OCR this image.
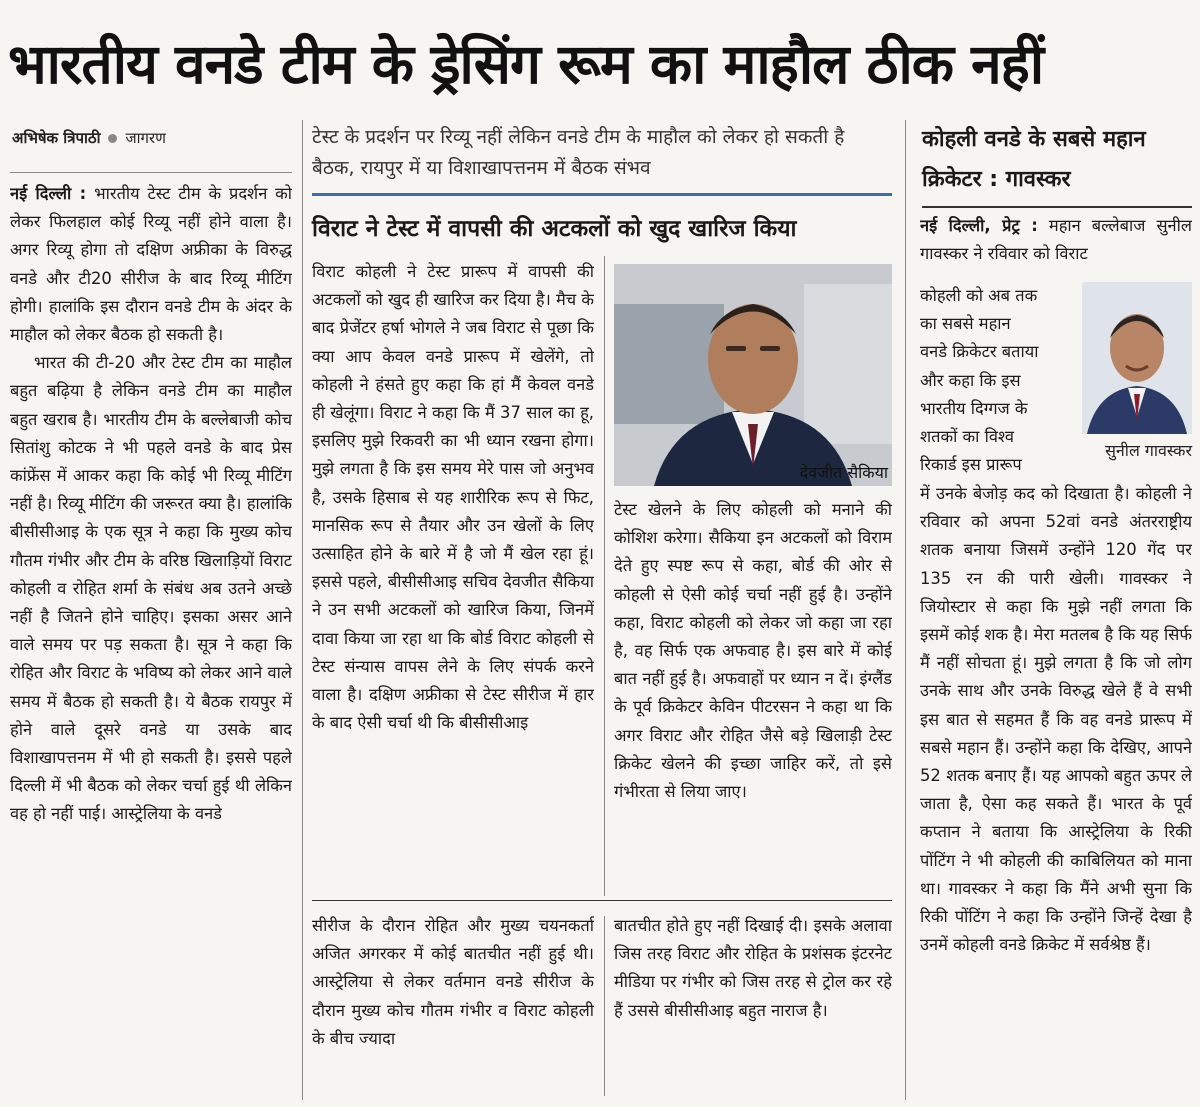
भारतीय वनडे टीम के ड्रेसिंग रूम का माहौल ठीक नहीं
अभिषेक त्रिपाठी जागरण

नई दिल्ली : भारतीय टेस्ट टीम के प्रदर्शन को लेकर फिलहाल कोई रिव्यू नहीं होने वाला है। अगर रिव्यू होगा तो दक्षिण अफ्रीका के विरुद्ध वनडे और टी20 सीरीज के बाद रिव्यू मीटिंग होगी। हालांकि इस दौरान वनडे टीम के अंदर के माहौल को लेकर बैठक हो सकती है।

भारत की टी-20 और टेस्ट टीम का माहौल बहुत बढ़िया है लेकिन वनडे टीम का माहौल बहुत खराब है। भारतीय टीम के बल्लेबाजी कोच सितांशु कोटक ने भी पहले वनडे के बाद प्रेस कांफ्रेंस में आकर कहा कि कोई भी रिव्यू मीटिंग नहीं है। रिव्यू मीटिंग की जरूरत क्या है। हालांकि बीसीसीआइ के एक सूत्र ने कहा कि मुख्य कोच गौतम गंभीर और टीम के वरिष्ठ खिलाड़ियों विराट कोहली व रोहित शर्मा के संबंध अब उतने अच्छे नहीं है जितने होने चाहिए। इसका असर आने वाले समय पर पड़ सकता है। सूत्र ने कहा कि रोहित और विराट के भविष्य को लेकर आने वाले समय में बैठक हो सकती है। ये बैठक रायपुर में होने वाले दूसरे वनडे या उसके बाद विशाखापत्तनम में भी हो सकती है। इससे पहले दिल्ली में भी बैठक को लेकर चर्चा हुई थी लेकिन वह हो नहीं पाई। आस्ट्रेलिया के वनडे

टेस्ट के प्रदर्शन पर रिव्यू नहीं लेकिन वनडे टीम के माहौल को लेकर हो सकती है बैठक, रायपुर में या विशाखापत्तनम में बैठक संभव
विराट ने टेस्ट में वापसी की अटकलों को खुद खारिज किया

विराट कोहली ने टेस्ट प्रारूप में वापसी की अटकलों को खुद ही खारिज कर दिया है। मैच के बाद प्रेजेंटर हर्षा भोगले ने जब विराट से पूछा कि क्या आप केवल वनडे प्रारूप में खेलेंगे, तो कोहली ने हंसते हुए कहा कि हां मैं केवल वनडे ही खेलूंगा। विराट ने कहा कि मैं 37 साल का हू, इसलिए मुझे रिकवरी का भी ध्यान रखना होगा। मुझे लगता है कि इस समय मेरे पास जो अनुभव है, उसके हिसाब से यह शारीरिक रूप से फिट, मानसिक रूप से तैयार और उन खेलों के लिए उत्साहित होने के बारे में है जो मैं खेल रहा हूं। इससे पहले, बीसीसीआइ सचिव देवजीत सैकिया ने उन सभी अटकलों को खारिज किया, जिनमें दावा किया जा रहा था कि बोर्ड विराट कोहली से टेस्ट संन्यास वापस लेने के लिए संपर्क करने वाला है। दक्षिण अफ्रीका से टेस्ट सीरीज में हार के बाद ऐसी चर्चा थी कि बीसीसीआइ

देवजीत सैकिया

टेस्ट खेलने के लिए कोहली को मनाने की कोशिश करेगा। सैकिया इन अटकलों को विराम देते हुए स्पष्ट रूप से कहा, बोर्ड की ओर से कोहली से ऐसी कोई चर्चा नहीं हुई है। उन्होंने कहा, विराट कोहली को लेकर जो कहा जा रहा है, वह सिर्फ एक अफवाह है। इस बारे में कोई बात नहीं हुई है। अफवाहों पर ध्यान न दें। इंग्लैंड के पूर्व क्रिकेटर केविन पीटरसन ने कहा था कि अगर विराट और रोहित जैसे बड़े खिलाड़ी टेस्ट क्रिकेट खेलने की इच्छा जाहिर करें, तो इसे गंभीरता से लिया जाए।

सीरीज के दौरान रोहित और मुख्य चयनकर्ता अजित अगरकर में कोई बातचीत नहीं हुई थी। आस्ट्रेलिया से लेकर वर्तमान वनडे सीरीज के दौरान मुख्य कोच गौतम गंभीर व विराट कोहली के बीच ज्यादा

बातचीत होते हुए नहीं दिखाई दी। इसके अलावा जिस तरह विराट और रोहित के प्रशंसक इंटरनेट मीडिया पर गंभीर को जिस तरह से ट्रोल कर रहे हैं उससे बीसीसीआइ बहुत नाराज है।

कोहली वनडे के सबसे महान क्रिकेटर : गावस्कर

नई दिल्ली, प्रेट्र : महान बल्लेबाज सुनील गावस्कर ने रविवार को विराट

कोहली को अब तक
का सबसे महान
वनडे क्रिकेटर बताया
और कहा कि इस
भारतीय दिग्गज के
शतकों का विश्व
रिकार्ड इस प्रारूप
सुनील गावस्कर

में उनके बेजोड़ कद को दिखाता है। कोहली ने रविवार को अपना 52वां वनडे अंतरराष्ट्रीय शतक बनाया जिसमें उन्होंने 120 गेंद पर 135 रन की पारी खेली। गावस्कर ने जियोस्टार से कहा कि मुझे नहीं लगता कि इसमें कोई शक है। मेरा मतलब है कि यह सिर्फ मैं नहीं सोचता हूं। मुझे लगता है कि जो लोग उनके साथ और उनके विरुद्ध खेले हैं वे सभी इस बात से सहमत हैं कि वह वनडे प्रारूप में सबसे महान हैं। उन्होंने कहा कि देखिए, आपने 52 शतक बनाए हैं। यह आपको बहुत ऊपर ले जाता है, ऐसा कह सकते हैं। भारत के पूर्व कप्तान ने बताया कि आस्ट्रेलिया के रिकी पोंटिंग ने भी कोहली की काबिलियत को माना था। गावस्कर ने कहा कि मैंने अभी सुना कि रिकी पोंटिंग ने कहा कि उन्होंने जिन्हें देखा है उनमें कोहली वनडे क्रिकेट में सर्वश्रेष्ठ हैं।
